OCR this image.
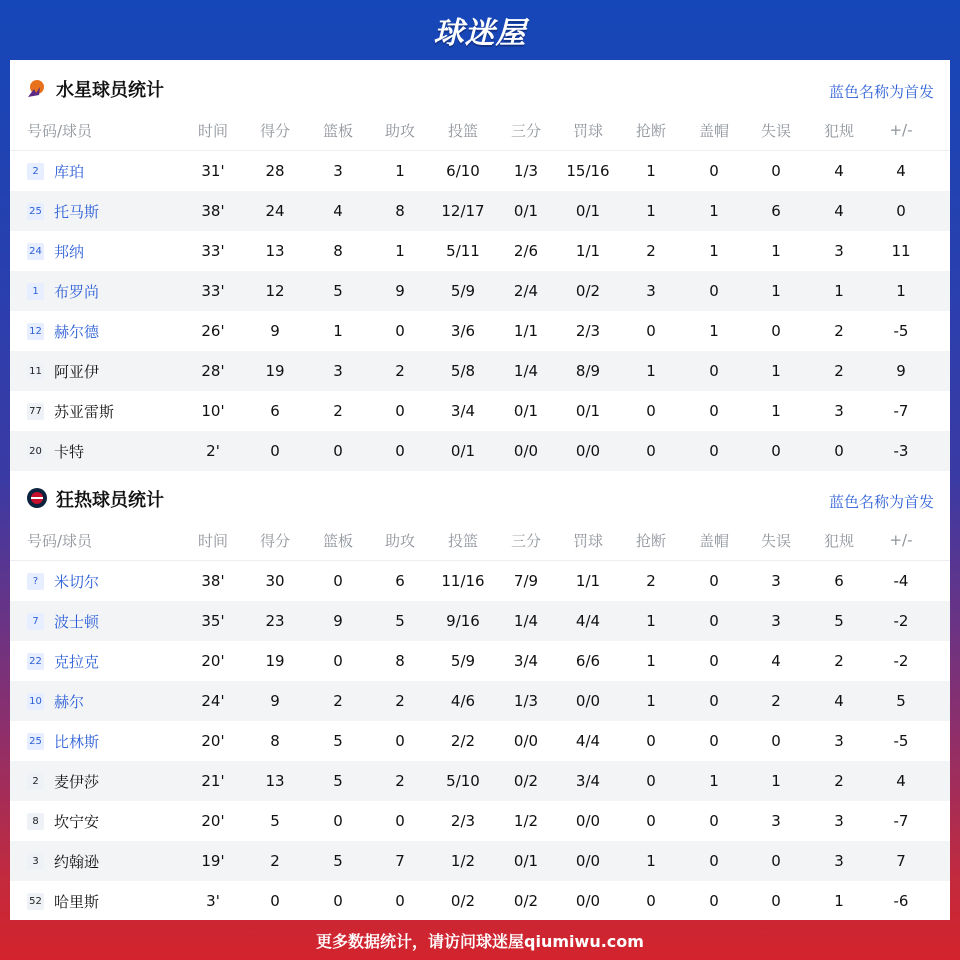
球迷屋
水星球员统计	蓝色名称为首发
号码/球员	时间	得分	篮板	助攻	投篮	三分	罚球	抢断	盖帽	失误	犯规	+/-
2	库珀	31'	28	3	1	6/10	1/3	15/16	1	0	0	4	4
25 托马斯	38'	24	4	8	12/17	0/1	0/1	1	1	6	4	0
24 邦纳	33'	13	8	1	5/11	2/6	1/1	2	1	1	3	11
1	布罗尚	33'	12	5	9	5/9	2/4	0/2	3	0	1	1	1
12 赫尔德	26'	9	1	0	3/6	1/1	2/3	0	1	0	2	-5
11 阿亚伊	28'	19	3	2	5/8	1/4	8/9	1	0	1	2	9
77 苏亚雷斯	10'	6	2	0	3/4	0/1	0/1	0	0	1	3	-7
20 卡特	2'	0	0	0	0/1	0/0	0/0	0	0	0	0	-3
狂热球员统计	蓝色名称为首发
号码/球员	时间	得分	篮板	助攻	投篮	三分	罚球	抢断	盖帽	失误	犯规	+/-
?	米切尔	38'	30	0	6	11/16	7/9	1/1	2	0	3	6	-4
7	波士顿	35'	23	9	5	9/16	1/4	4/4	1	0	3	5	-2
22 克拉克	20'	19	0	8	5/9	3/4	6/6	1	0	4	2	-2
10 赫尔	24'	9	2	2	4/6	1/3	0/0	1	0	2	4	5
25 比林斯	20'	8	5	0	2/2	0/0	4/4	0	0	0	3	-5
2	麦伊莎	21'	13	5	2	5/10	0/2	3/4	0	1	1	2	4
8	坎宁安	20'	5	0	0	2/3	1/2	0/0	0	0	3	3	-7
3	约翰逊	19'	2	5	7	1/2	0/1	0/0	1	0	0	3	7
52 哈里斯	3'	0	0	0	0/2	0/2	0/0	0	0	0	1	-6
更多数据统计，请访问球迷屋qiumiwu.com
